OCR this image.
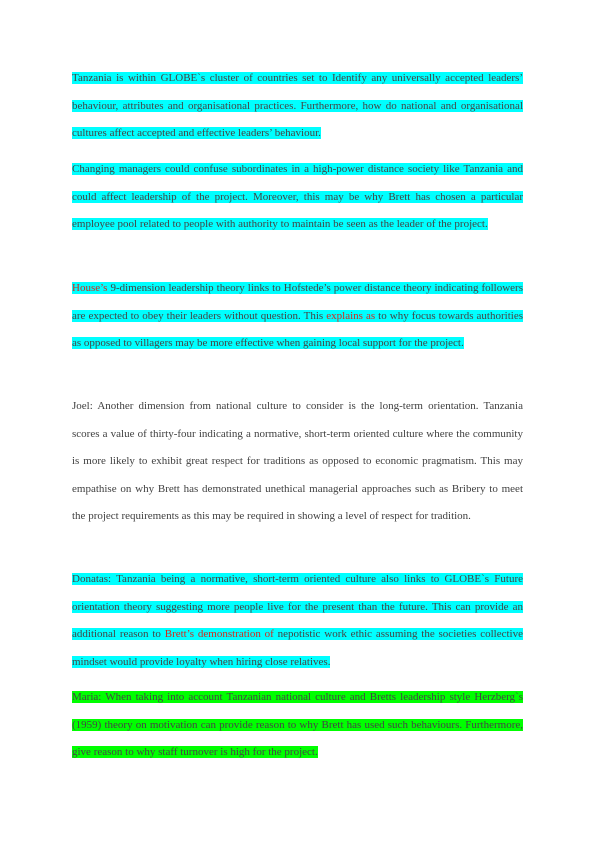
Tanzania is within GLOBE`s cluster of countries set to Identify any universally accepted leaders’ behaviour, attributes and organisational practices. Furthermore, how do national and organisational cultures affect accepted and effective leaders’ behaviour.

Changing managers could confuse subordinates in a high-power distance society like Tanzania and could affect leadership of the project. Moreover, this may be why Brett has chosen a particular employee pool related to people with authority to maintain be seen as the leader of the project.

House’s 9-dimension leadership theory links to Hofstede’s power distance theory indicating followers are expected to obey their leaders without question. This explains as to why focus towards authorities as opposed to villagers may be more effective when gaining local support for the project.

Joel: Another dimension from national culture to consider is the long-term orientation. Tanzania scores a value of thirty-four indicating a normative, short-term oriented culture where the community is more likely to exhibit great respect for traditions as opposed to economic pragmatism. This may empathise on why Brett has demonstrated unethical managerial approaches such as Bribery to meet the project requirements as this may be required in showing a level of respect for tradition.

Donatas: Tanzania being a normative, short-term oriented culture also links to GLOBE`s Future orientation theory suggesting more people live for the present than the future. This can provide an additional reason to Brett’s demonstration of nepotistic work ethic assuming the societies collective mindset would provide loyalty when hiring close relatives.

Maria: When taking into account Tanzanian national culture and Bretts leadership style Herzberg`s (1959) theory on motivation can provide reason to why Brett has used such behaviours. Furthermore, give reason to why staff turnover is high for the project.
